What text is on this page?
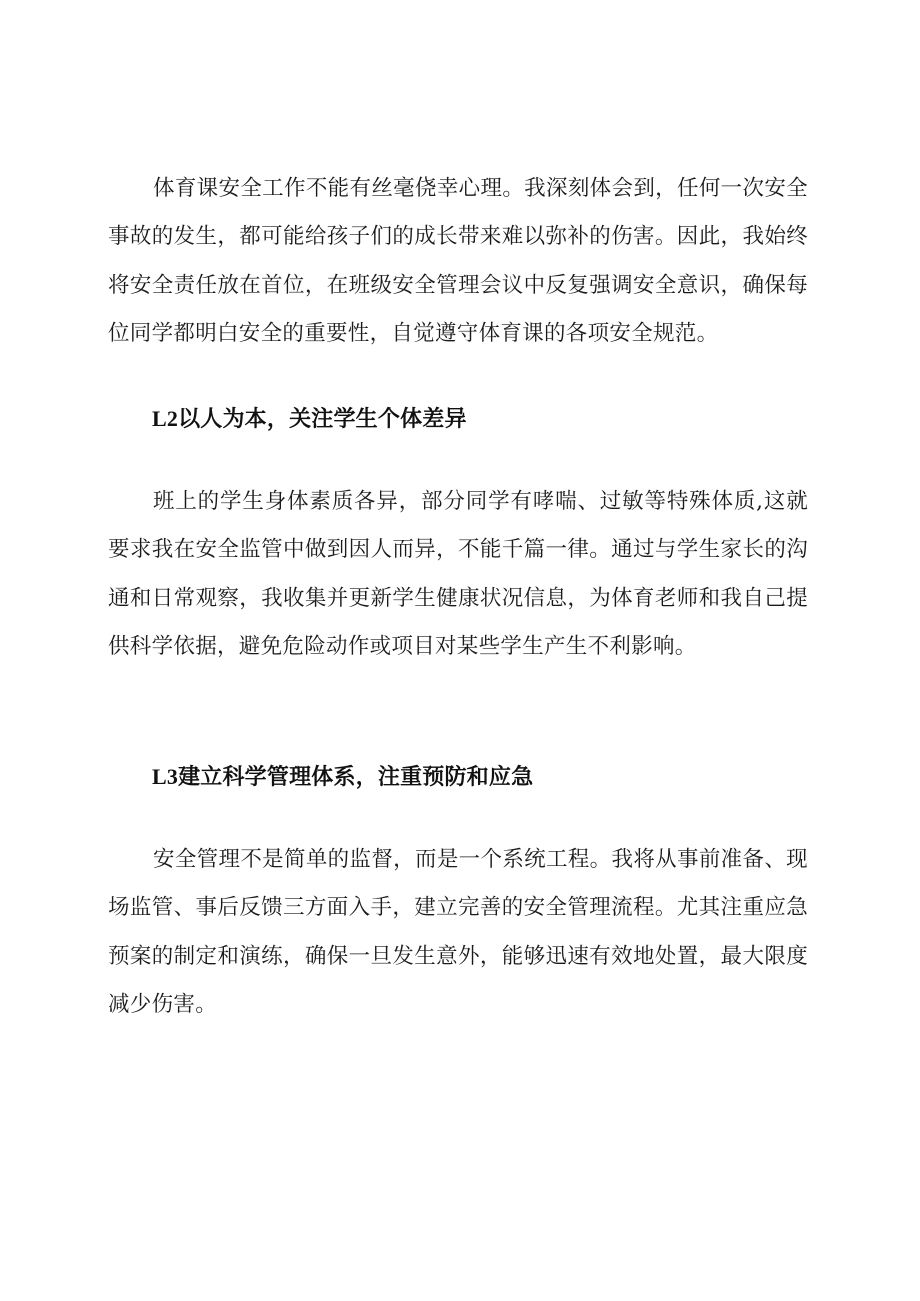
体育课安全工作不能有丝毫侥幸心理。我深刻体会到，任何一次安全事故的发生，都可能给孩子们的成长带来难以弥补的伤害。因此，我始终将安全责任放在首位，在班级安全管理会议中反复强调安全意识，确保每位同学都明白安全的重要性，自觉遵守体育课的各项安全规范。

L2以人为本，关注学生个体差异

班上的学生身体素质各异，部分同学有哮喘、过敏等特殊体质,这就要求我在安全监管中做到因人而异，不能千篇一律。通过与学生家长的沟通和日常观察，我收集并更新学生健康状况信息，为体育老师和我自己提供科学依据，避免危险动作或项目对某些学生产生不利影响。

L3建立科学管理体系，注重预防和应急

安全管理不是简单的监督，而是一个系统工程。我将从事前准备、现场监管、事后反馈三方面入手，建立完善的安全管理流程。尤其注重应急预案的制定和演练，确保一旦发生意外，能够迅速有效地处置，最大限度减少伤害。
